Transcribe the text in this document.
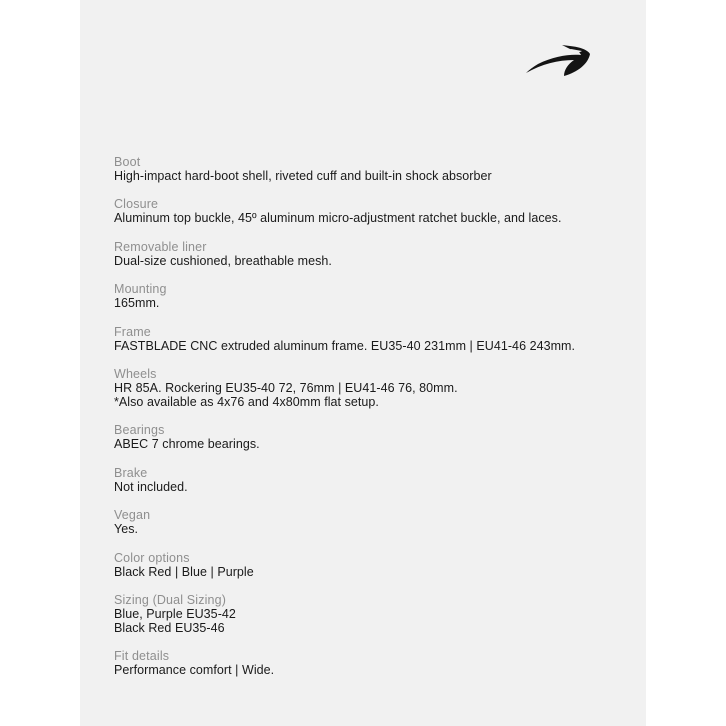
Boot
High-impact hard-boot shell, riveted cuff and built-in shock absorber
Closure
Aluminum top buckle, 45º aluminum micro-adjustment ratchet buckle, and laces.
Removable liner
Dual-size cushioned, breathable mesh.
Mounting
165mm.
Frame
FASTBLADE CNC extruded aluminum frame. EU35-40 231mm | EU41-46 243mm.
Wheels
HR 85A. Rockering EU35-40 72, 76mm | EU41-46 76, 80mm.
*Also available as 4x76 and 4x80mm flat setup.
Bearings
ABEC 7 chrome bearings.
Brake
Not included.
Vegan
Yes.
Color options
Black Red | Blue | Purple
Sizing (Dual Sizing)
Blue, Purple EU35-42
Black Red EU35-46
Fit details
Performance comfort | Wide.
